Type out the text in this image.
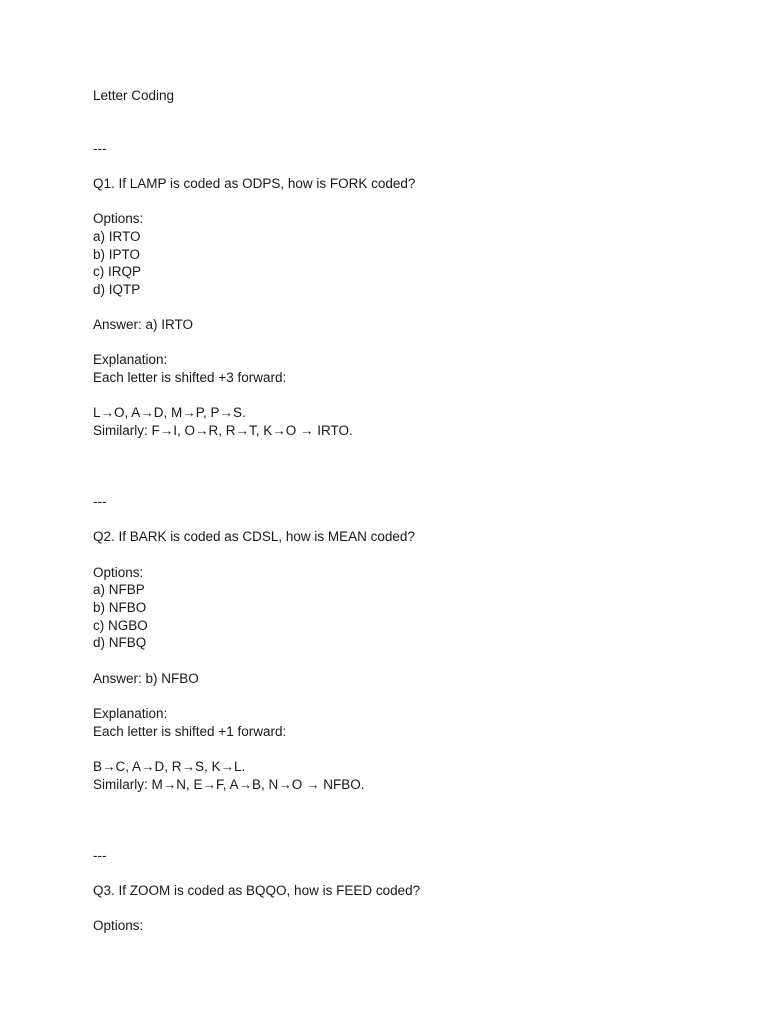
Letter Coding
---
Q1. If LAMP is coded as ODPS, how is FORK coded?
Options:
a) IRTO
b) IPTO
c) IRQP
d) IQTP
Answer: a) IRTO
Explanation:
Each letter is shifted +3 forward:
L→O, A→D, M→P, P→S.
Similarly: F→I, O→R, R→T, K→O → IRTO.
---
Q2. If BARK is coded as CDSL, how is MEAN coded?
Options:
a) NFBP
b) NFBO
c) NGBO
d) NFBQ
Answer: b) NFBO
Explanation:
Each letter is shifted +1 forward:
B→C, A→D, R→S, K→L.
Similarly: M→N, E→F, A→B, N→O → NFBO.
---
Q3. If ZOOM is coded as BQQO, how is FEED coded?
Options:
